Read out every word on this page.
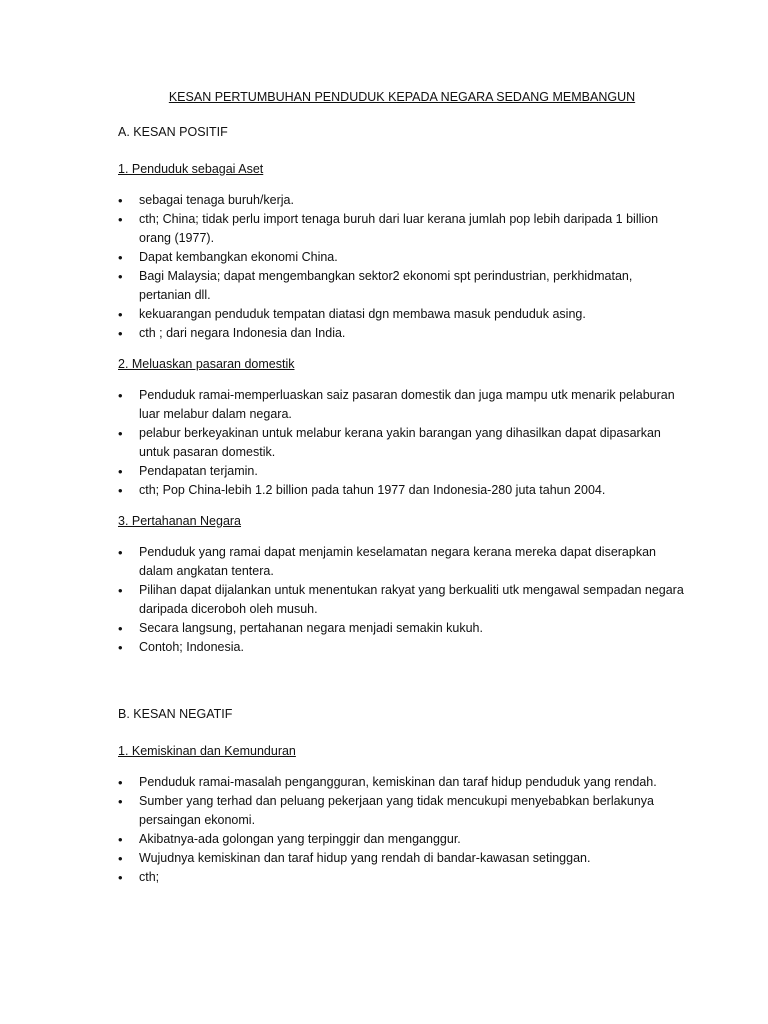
KESAN PERTUMBUHAN PENDUDUK KEPADA NEGARA SEDANG MEMBANGUN
A. KESAN POSITIF
1. Penduduk sebagai Aset
• sebagai tenaga buruh/kerja.
• cth; China; tidak perlu import tenaga buruh dari luar kerana jumlah pop lebih daripada 1 billion orang (1977).
• Dapat kembangkan ekonomi China.
• Bagi Malaysia; dapat mengembangkan sektor2 ekonomi spt perindustrian, perkhidmatan, pertanian dll.
• kekuarangan penduduk tempatan diatasi dgn membawa masuk penduduk asing.
• cth ; dari negara Indonesia dan India.
2. Meluaskan pasaran domestik
• Penduduk ramai-memperluaskan saiz pasaran domestik dan juga mampu utk menarik pelaburan luar melabur dalam negara.
• pelabur berkeyakinan untuk melabur kerana yakin barangan yang dihasilkan dapat dipasarkan untuk pasaran domestik.
• Pendapatan terjamin.
• cth; Pop China-lebih 1.2 billion pada tahun 1977 dan Indonesia-280 juta tahun 2004.
3. Pertahanan Negara
• Penduduk yang ramai dapat menjamin keselamatan negara kerana mereka dapat diserapkan dalam angkatan tentera.
• Pilihan dapat dijalankan untuk menentukan rakyat yang berkualiti utk mengawal sempadan negara daripada diceroboh oleh musuh.
• Secara langsung, pertahanan negara menjadi semakin kukuh.
• Contoh; Indonesia.
B. KESAN NEGATIF
1. Kemiskinan dan Kemunduran
• Penduduk ramai-masalah pengangguran, kemiskinan dan taraf hidup penduduk yang rendah.
• Sumber yang terhad dan peluang pekerjaan yang tidak mencukupi menyebabkan berlakunya persaingan ekonomi.
• Akibatnya-ada golongan yang terpinggir dan menganggur.
• Wujudnya kemiskinan dan taraf hidup yang rendah di bandar-kawasan setinggan.
• cth;
